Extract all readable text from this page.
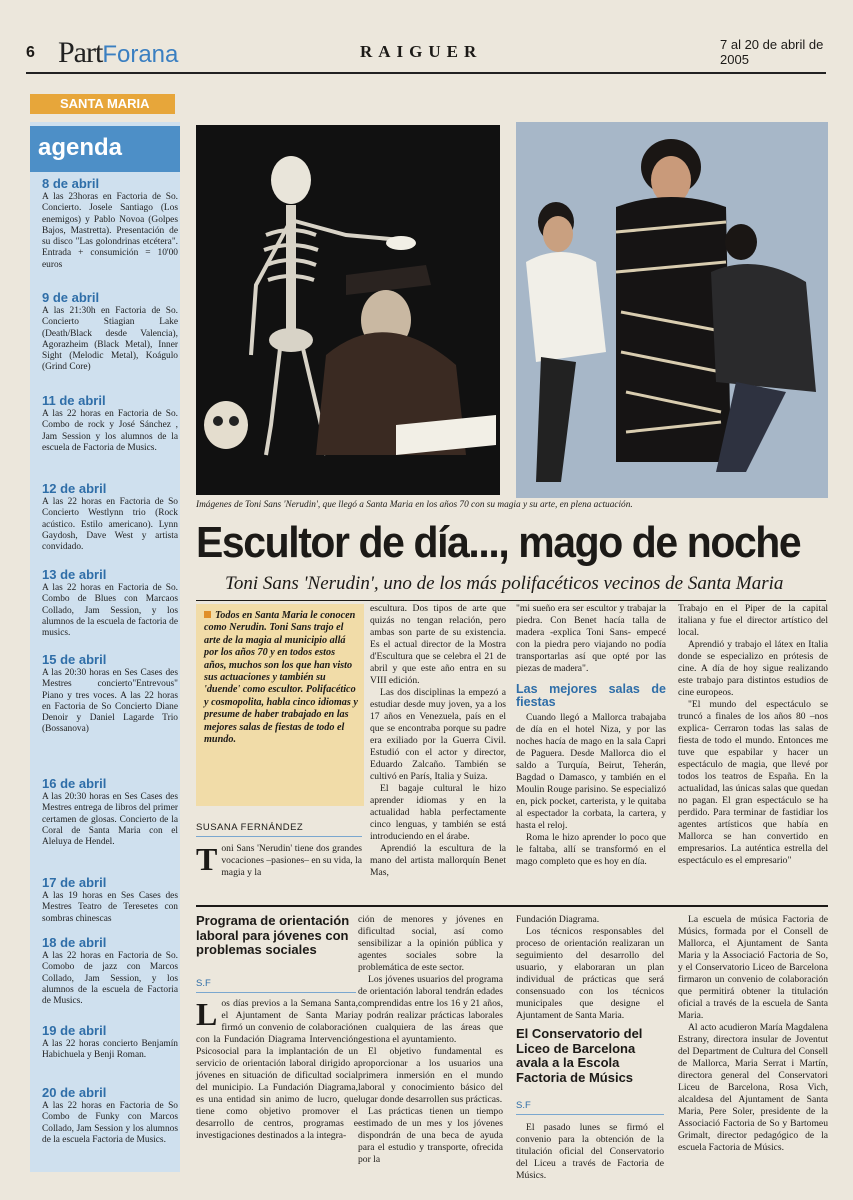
6 PartForana	RAIGUER	7 al 20 de abril de 2005
SANTA MARIA
agenda
8 de abril
A las 23horas en Factoria de So. Concierto. Josele Santiago (Los enemigos) y Pablo Novoa (Golpes Bajos, Mastretta). Presentación de su disco "Las golondrinas etcétera". Entrada + consumición = 10'00 euros
9 de abril
A las 21:30h en Factoria de So. Concierto Stiagian Lake (Death/Black desde Valencia), Agorazheim (Black Metal), Inner Sight (Melodic Metal), Koágulo (Grind Core)
11 de abril
A las 22 horas en Factoria de So. Combo de rock y José Sánchez , Jam Session y los alumnos de la escuela de Factoria de Musics.
12 de abril
A las 22 horas en Factoria de So Concierto Westlynn trio (Rock acústico. Estilo americano). Lynn Gaydosh, Dave West y artista convidado.
13 de abril
A las 22 horas en Factoria de So. Combo de Blues con Marcaos Collado, Jam Session, y los alumnos de la escuela de factoria de musics.
15 de abril
A las 20:30 horas en Ses Cases des Mestres concierto"Entrevous" Piano y tres voces. A las 22 horas en Factoria de So Concierto Diane Denoir y Daniel Lagarde Trio (Bossanova)
16 de abril
A las 20:30 horas en Ses Cases des Mestres entrega de libros del primer certamen de glosas. Concierto de la Coral de Santa Maria con el Aleluya de Hendel.
17 de abril
A las 19 horas en Ses Cases des Mestres Teatro de Teresetes con sombras chinescas
18 de abril
A las 22 horas en Factoria de So. Comobo de jazz con Marcos Collado, Jam Session, y los alumnos de la escuela de Factoria de Musics.
19 de abril
A las 22 horas concierto Benjamín Habichuela y Benji Roman.
20 de abril
A las 22 horas en Factoria de So Combo de Funky con Marcos Collado, Jam Session y los alumnos de la escuela Factoria de Musics.
Imágenes de Toni Sans 'Nerudin', que llegó a Santa Maria en los años 70 con su magia y su arte, en plena actuación.
Escultor de día..., mago de noche
Toni Sans 'Nerudin', uno de los más polifacéticos vecinos de Santa Maria
Todos en Santa Maria le conocen como Nerudin. Toni Sans trajo el arte de la magia al municipio allá por los años 70 y en todos estos años, muchos son los que han visto sus actuaciones y también su 'duende' como escultor. Polifacético y cosmopolita, habla cinco idiomas y presume de haber trabajado en las mejores salas de fiestas de todo el mundo.
SUSANA FERNÁNDEZ
Toni Sans 'Nerudin' tiene dos grandes vocaciones –pasiones– en su vida, la magia y la

escultura. Dos tipos de arte que quizás no tengan relación, pero ambas son parte de su existencia. Es el actual director de la Mostra d'Escultura que se celebra el 21 de abril y que este año entra en su VIII edición.

Las dos disciplinas la empezó a estudiar desde muy joven, ya a los 17 años en Venezuela, país en el que se encontraba porque su padre era exiliado por la Guerra Civil. Estudió con el actor y director, Eduardo Zalcaño. También se cultivó en París, Italia y Suiza.

El bagaje cultural le hizo aprender idiomas y en la actualidad habla perfectamente cinco lenguas, y también se está introduciendo en el árabe.

Aprendió la escultura de la mano del artista mallorquín Benet Mas,

"mi sueño era ser escultor y trabajar la piedra. Con Benet hacía talla de madera -explica Toni Sans- empecé con la piedra pero viajando no podía transportarlas así que opté por las piezas de madera".

Las mejores salas de fiestas

Cuando llegó a Mallorca trabajaba de día en el hotel Niza, y por las noches hacía de mago en la sala Capri de Paguera. Desde Mallorca dio el saldo a Turquía, Beirut, Teherán, Bagdad o Damasco, y también en el Moulin Rouge parisino. Se especializó en, pick pocket, carterista, y le quitaba al espectador la corbata, la cartera, y hasta el reloj.

Roma le hizo aprender lo poco que le faltaba, allí se transformó en el mago completo que es hoy en día.

Trabajo en el Piper de la capital italiana y fue el director artístico del local.

Aprendió y trabajo el látex en Italia donde se especializo en prótesis de cine. A día de hoy sigue realizando este trabajo para distintos estudios de cine europeos.

"El mundo del espectáculo se truncó a finales de los años 80 –nos explica- Cerraron todas las salas de fiesta de todo el mundo. Entonces me tuve que espabilar y hacer un espectáculo de magia, que llevé por todos los teatros de España. En la actualidad, las únicas salas que quedan no pagan. El gran espectáculo se ha perdido. Para terminar de fastidiar los agentes artísticos que había en Mallorca se han convertido en empresarios. La auténtica estrella del espectáculo es el empresario"

Programa de orientación laboral para jóvenes con problemas sociales
S.F
Los días previos a la Semana Santa, el Ajuntament de Santa Maria firmó un convenio de colaboración con la Fundación Diagrama Intervención Psicosocial para la implantación de un servicio de orientación laboral dirigido a jóvenes en situación de dificultad social del municipio. La Fundación Diagrama, es una entidad sin animo de lucro, que tiene como objetivo promover el desarrollo de centros, programas e investigaciones destinados a la integra-

ción de menores y jóvenes en dificultad social, así como sensibilizar a la opinión pública y agentes sociales sobre la problemática de este sector.

Los jóvenes usuarios del programa de orientación laboral tendrán edades comprendidas entre los 16 y 21 años, y podrán realizar prácticas laborales en cualquiera de las áreas que gestiona el ayuntamiento.

El objetivo fundamental es proporcionar a los usuarios una primera inmersión en el mundo laboral y conocimiento básico del lugar donde desarrollen sus prácticas.

Las prácticas tienen un tiempo estimado de un mes y los jóvenes dispondrán de una beca de ayuda para el estudio y transporte, ofrecida por la

Fundación Diagrama.

Los técnicos responsables del proceso de orientación realizaran un seguimiento del desarrollo del usuario, y elaboraran un plan individual de prácticas que será consensuado con los técnicos municipales que designe el Ajuntament de Santa Maria.

El Conservatorio del Liceo de Barcelona avala a la Escola Factoria de Músics
S.F

El pasado lunes se firmó el convenio para la obtención de la titulación oficial del Conservatorio del Liceu a través de Factoria de Músics.

La escuela de música Factoria de Músics, formada por el Consell de Mallorca, el Ajuntament de Santa Maria y la Associació Factoria de So, y el Conservatorio Liceo de Barcelona firmaron un convenio de colaboración que permitirá obtener la titulación oficial a través de la escuela de Santa Maria.

Al acto acudieron María Magdalena Estrany, directora insular de Joventut del Department de Cultura del Consell de Mallorca, Maria Serrat i Martín, directora general del Conservatori Liceu de Barcelona, Rosa Vich, alcaldesa del Ajuntament de Santa Maria, Pere Soler, presidente de la Associació Factoria de So y Bartomeu Grimalt, director pedagógico de la escuela Factoria de Músics.
